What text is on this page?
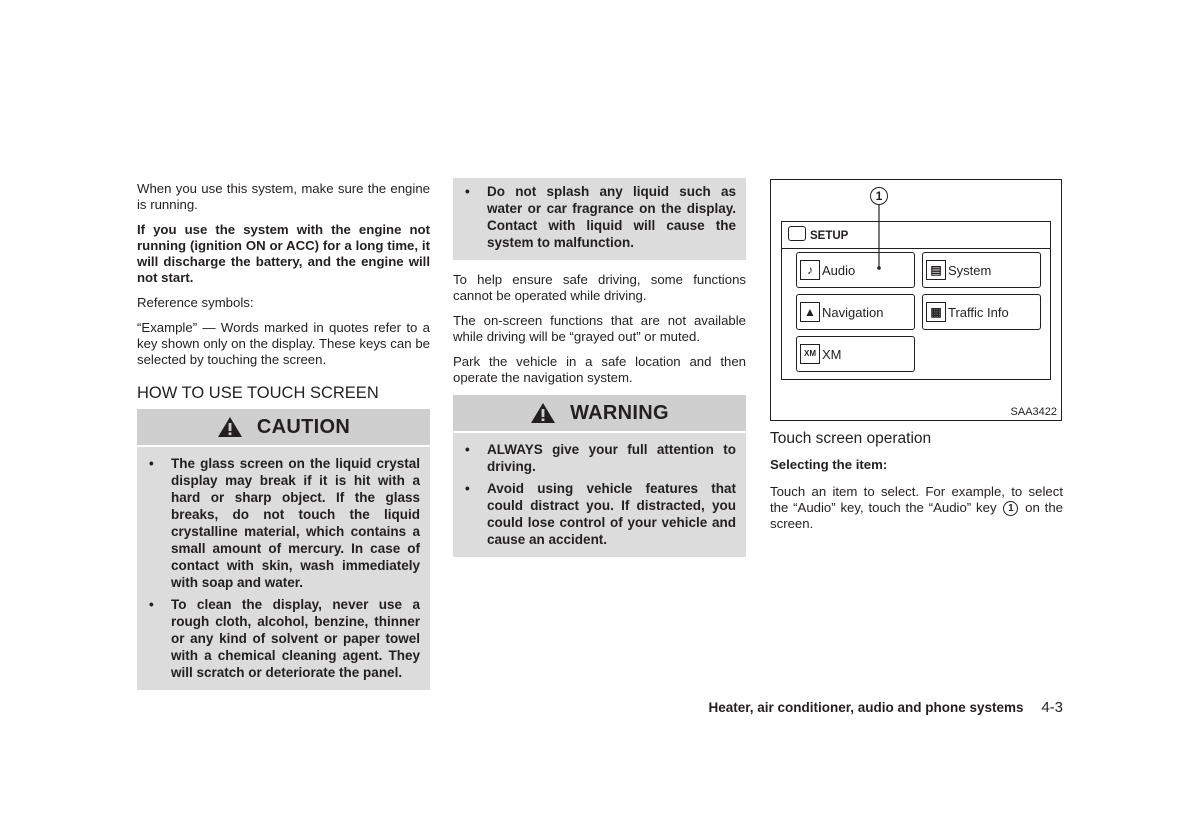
When you use this system, make sure the engine is running.

If you use the system with the engine not running (ignition ON or ACC) for a long time, it will discharge the battery, and the engine will not start.

Reference symbols:

“Example” — Words marked in quotes refer to a key shown only on the display. These keys can be selected by touching the screen.

HOW TO USE TOUCH SCREEN
CAUTION
• The glass screen on the liquid crystal display may break if it is hit with a hard or sharp object. If the glass breaks, do not touch the liquid crystalline material, which contains a small amount of mercury. In case of contact with skin, wash immediately with soap and water.
• To clean the display, never use a rough cloth, alcohol, benzine, thinner or any kind of solvent or paper towel with a chemical cleaning agent. They will scratch or deteriorate the panel.
• Do not splash any liquid such as water or car fragrance on the display. Contact with liquid will cause the system to malfunction.

To help ensure safe driving, some functions cannot be operated while driving.

The on-screen functions that are not available while driving will be “grayed out” or muted.

Park the vehicle in a safe location and then operate the navigation system.

WARNING
• ALWAYS give your full attention to driving.
• Avoid using vehicle features that could distract you. If distracted, you could lose control of your vehicle and cause an accident.
1
SETUP
♪ Audio	▤ System
▲ Navigation	▦ Traffic Info
XM XM
SAA3422
Touch screen operation

Selecting the item:

Touch an item to select. For example, to select the “Audio” key, touch the “Audio” key 1 on the screen.

Heater, air conditioner, audio and phone systems 4-3
